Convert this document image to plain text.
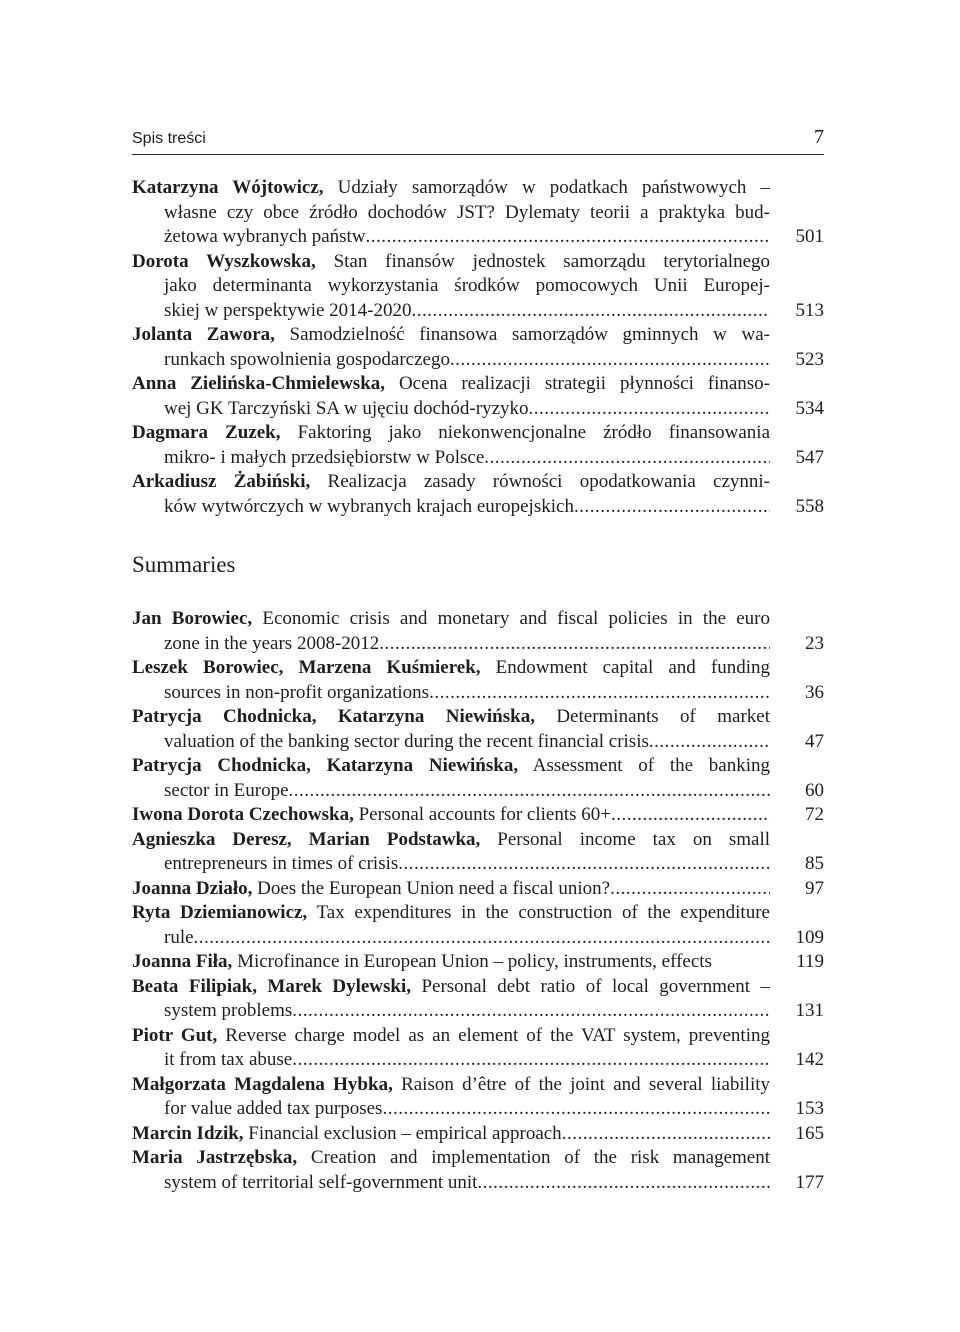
Spis treści	7
Katarzyna Wójtowicz, Udziały samorządów w podatkach państwowych –
własne czy obce źródło dochodów JST? Dylematy teorii a praktyka bud-
żetowa wybranych państw .....	501
Dorota Wyszkowska, Stan finansów jednostek samorządu terytorialnego
jako determinanta wykorzystania środków pomocowych Unii Europej-
skiej w perspektywie 2014-2020 .....	513
Jolanta Zawora, Samodzielność finansowa samorządów gminnych w wa-
runkach spowolnienia gospodarczego .....	523
Anna Zielińska-Chmielewska, Ocena realizacji strategii płynności finanso-
wej GK Tarczyński SA w ujęciu dochód-ryzyko .....	534
Dagmara Zuzek, Faktoring jako niekonwencjonalne źródło finansowania
mikro- i małych przedsiębiorstw w Polsce .....	547
Arkadiusz Żabiński, Realizacja zasady równości opodatkowania czynni-
ków wytwórczych w wybranych krajach europejskich .....	558
Summaries
Jan Borowiec, Economic crisis and monetary and fiscal policies in the euro
zone in the years 2008-2012 .....	23
Leszek Borowiec, Marzena Kuśmierek, Endowment capital and funding
sources in non-profit organizations .....	36
Patrycja Chodnicka, Katarzyna Niewińska, Determinants of market
valuation of the banking sector during the recent financial crisis .....	47
Patrycja Chodnicka, Katarzyna Niewińska, Assessment of the banking
sector in Europe .....	60
Iwona Dorota Czechowska, Personal accounts for clients 60+ .....	72
Agnieszka Deresz, Marian Podstawka, Personal income tax on small
entrepreneurs in times of crisis .....	85
Joanna Działo, Does the European Union need a fiscal union? .....	97
Ryta Dziemianowicz, Tax expenditures in the construction of the expenditure
rule .....	109
Joanna Fiła, Microfinance in European Union – policy, instruments, effects	119
Beata Filipiak, Marek Dylewski, Personal debt ratio of local government –
system problems .....	131
Piotr Gut, Reverse charge model as an element of the VAT system, preventing
it from tax abuse .....	142
Małgorzata Magdalena Hybka, Raison d’être of the joint and several liability
for value added tax purposes .....	153
Marcin Idzik, Financial exclusion – empirical approach .....	165
Maria Jastrzębska, Creation and implementation of the risk management
system of territorial self-government unit .....	177
